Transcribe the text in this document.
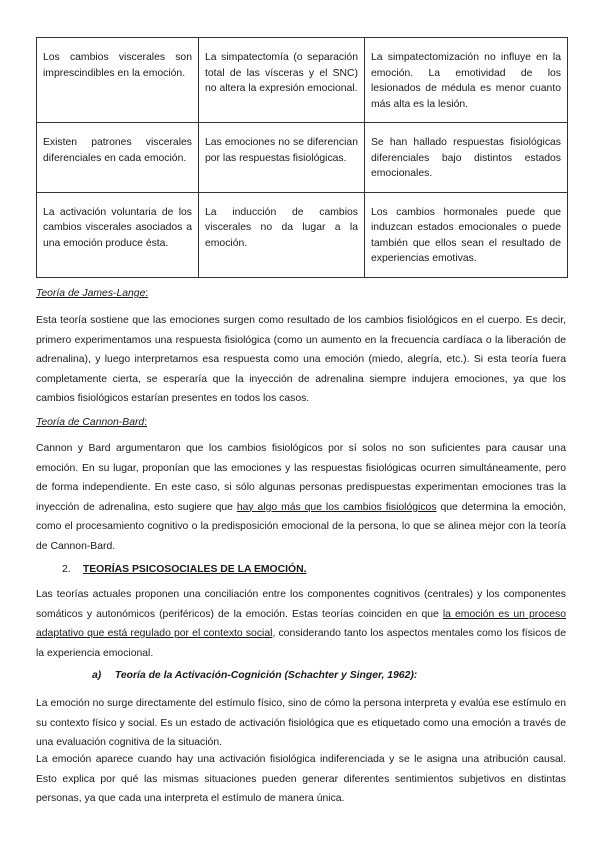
Los cambios viscerales son imprescindibles en la emoción.	La simpatectomía (o separación total de las vísceras y el SNC) no altera la expresión emocional.	La simpatectomización no influye en la emoción. La emotividad de los lesionados de médula es menor cuanto más alta es la lesión.
Existen patrones viscerales diferenciales en cada emoción.	Las emociones no se diferencian por las respuestas fisiológicas.	Se han hallado respuestas fisiológicas diferenciales bajo distintos estados emocionales.
La activación voluntaria de los cambios viscerales asociados a una emoción produce ésta.	La inducción de cambios viscerales no da lugar a la emoción.	Los cambios hormonales puede que induzcan estados emocionales o puede también que ellos sean el resultado de experiencias emotivas.
Teoría de James-Lange:
Esta teoría sostiene que las emociones surgen como resultado de los cambios fisiológicos en el cuerpo. Es decir, primero experimentamos una respuesta fisiológica (como un aumento en la frecuencia cardíaca o la liberación de adrenalina), y luego interpretamos esa respuesta como una emoción (miedo, alegría, etc.). Si esta teoría fuera completamente cierta, se esperaría que la inyección de adrenalina siempre indujera emociones, ya que los cambios fisiológicos estarían presentes en todos los casos.
Teoría de Cannon-Bard:
Cannon y Bard argumentaron que los cambios fisiológicos por sí solos no son suficientes para causar una emoción. En su lugar, proponían que las emociones y las respuestas fisiológicas ocurren simultáneamente, pero de forma independiente. En este caso, si sólo algunas personas predispuestas experimentan emociones tras la inyección de adrenalina, esto sugiere que hay algo más que los cambios fisiológicos que determina la emoción, como el procesamiento cognitivo o la predisposición emocional de la persona, lo que se alinea mejor con la teoría de Cannon-Bard.
2. TEORÍAS PSICOSOCIALES DE LA EMOCIÓN.
Las teorías actuales proponen una conciliación entre los componentes cognitivos (centrales) y los componentes somáticos y autonómicos (periféricos) de la emoción. Estas teorías coinciden en que la emoción es un proceso adaptativo que está regulado por el contexto social, considerando tanto los aspectos mentales como los físicos de la experiencia emocional.
a) Teoría de la Activación-Cognición (Schachter y Singer, 1962):
La emoción no surge directamente del estímulo físico, sino de cómo la persona interpreta y evalúa ese estímulo en su contexto físico y social. Es un estado de activación fisiológica que es etiquetado como una emoción a través de una evaluación cognitiva de la situación.
La emoción aparece cuando hay una activación fisiológica indiferenciada y se le asigna una atribución causal. Esto explica por qué las mismas situaciones pueden generar diferentes sentimientos subjetivos en distintas personas, ya que cada una interpreta el estímulo de manera única.
